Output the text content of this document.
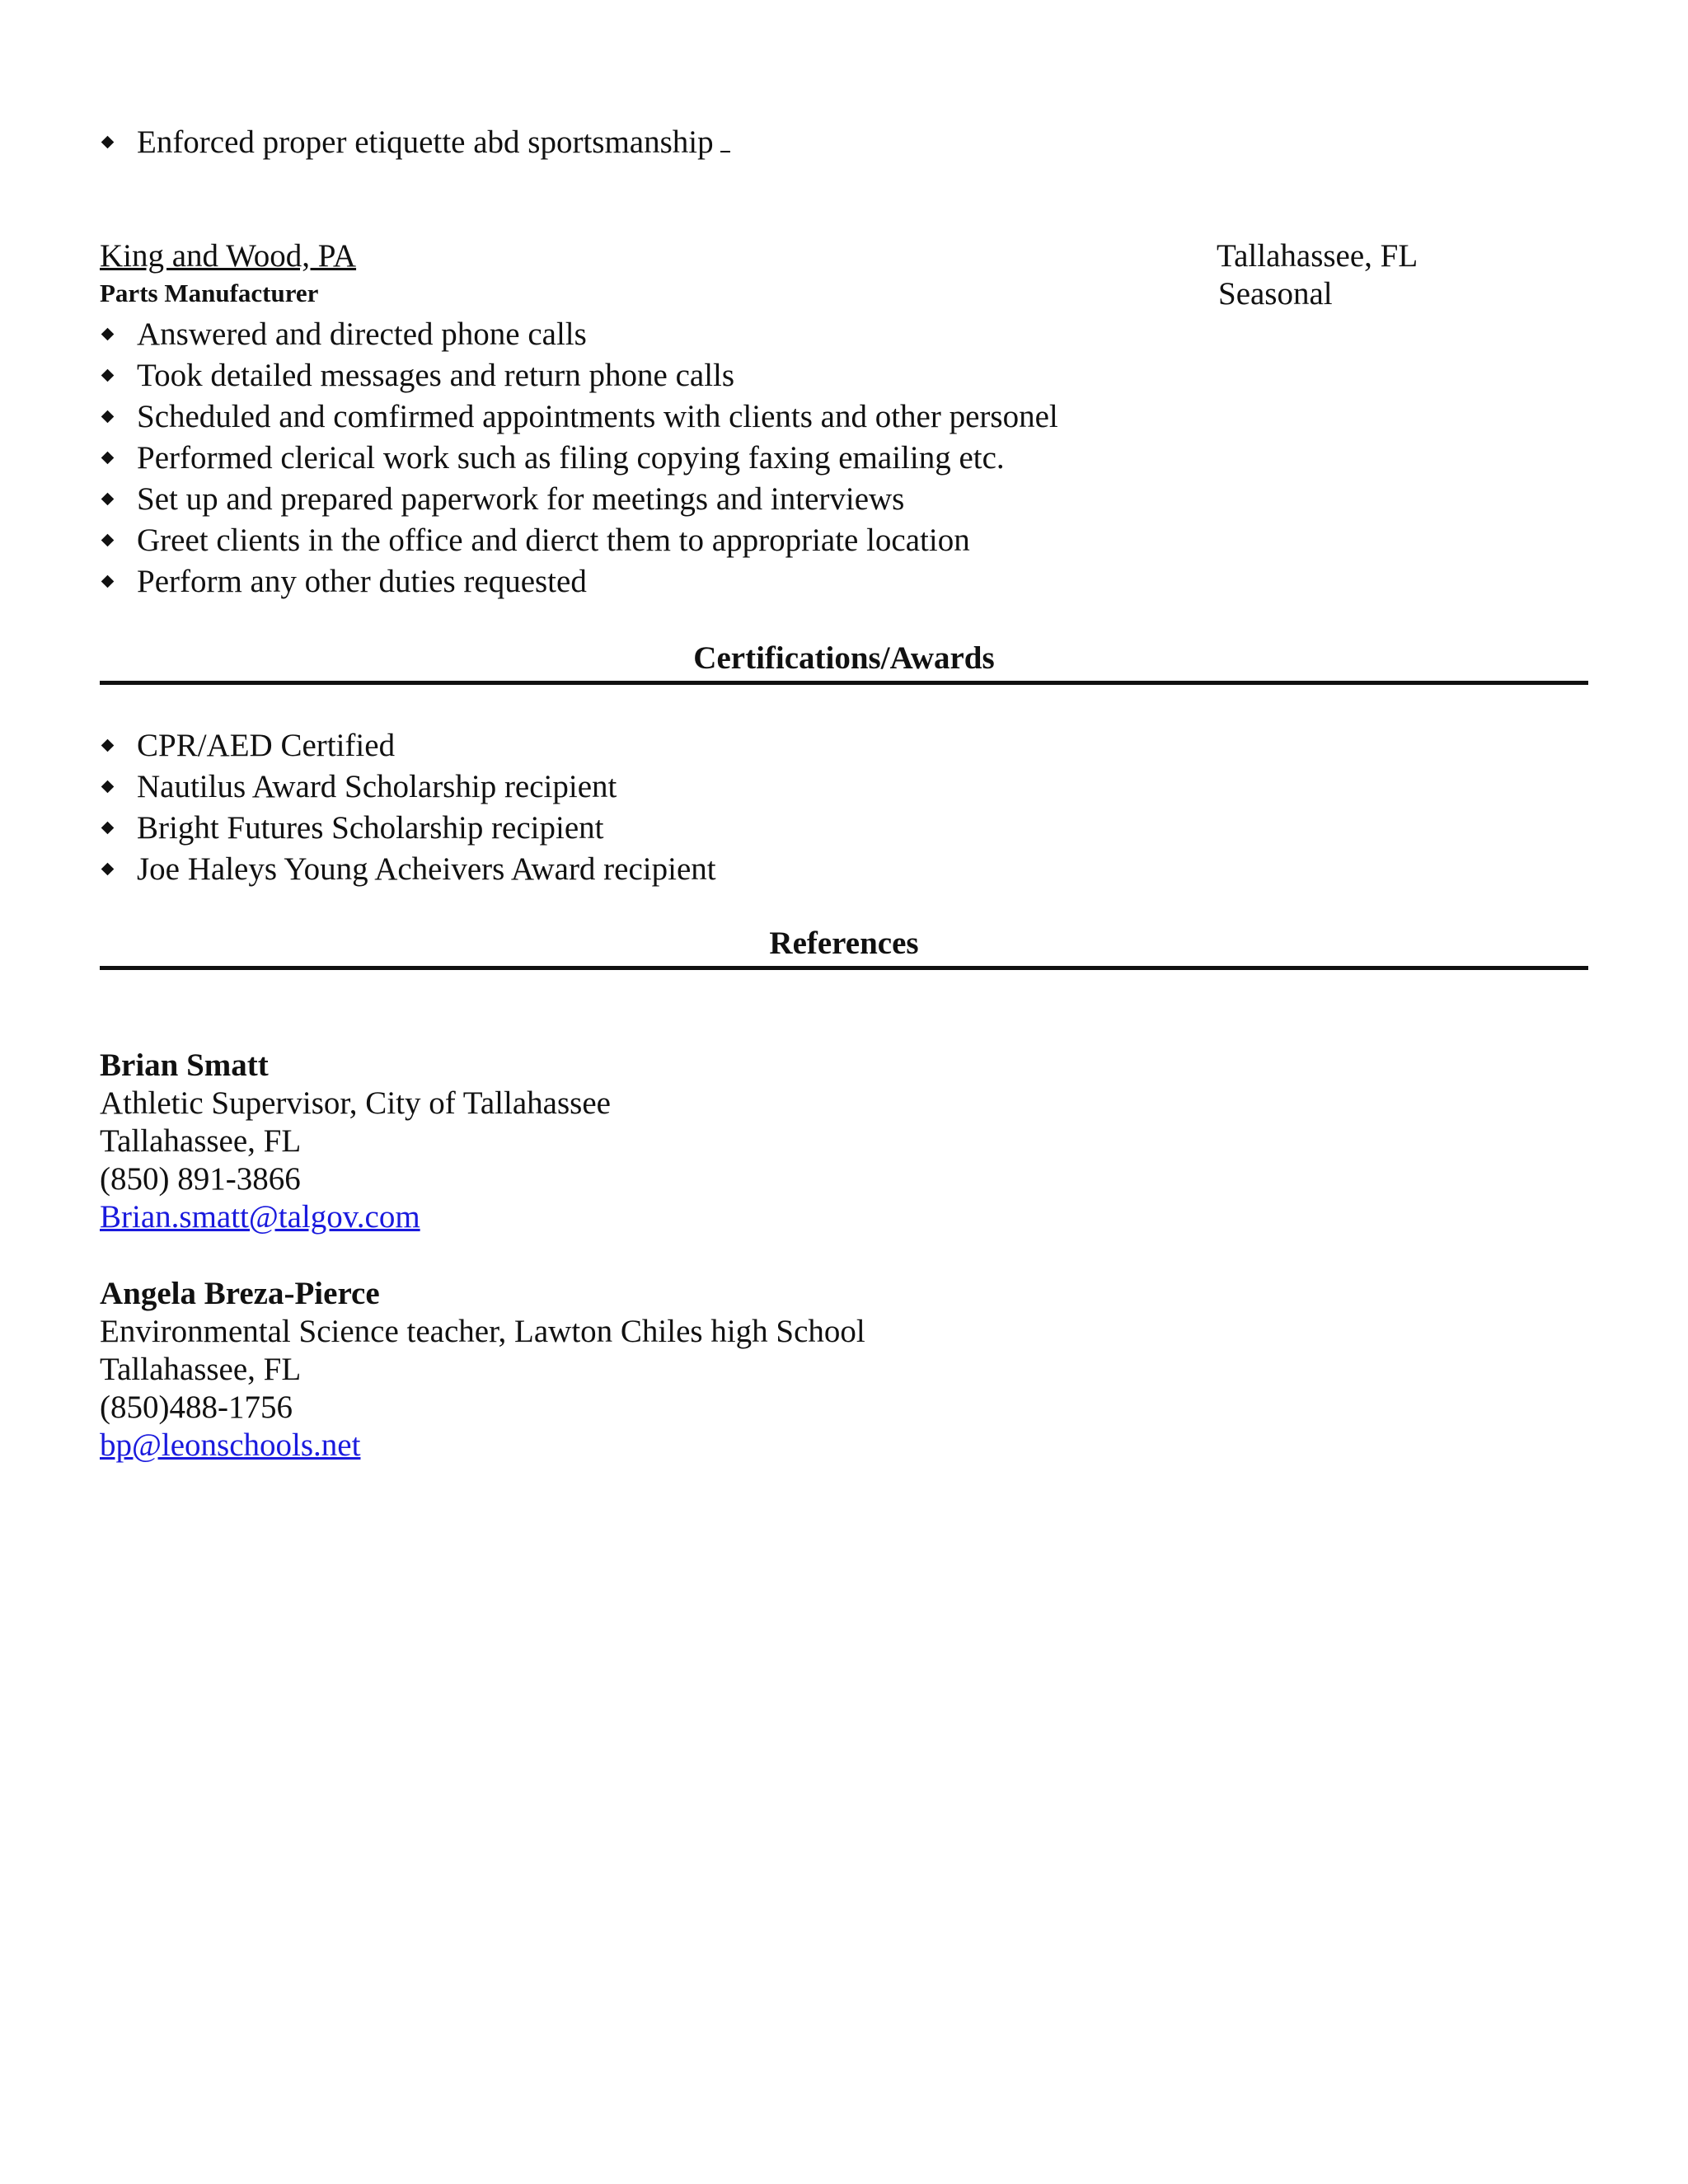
Enforced proper etiquette abd sportsmanship
King and Wood, PA
Parts Manufacturer
Tallahassee, FL
Seasonal
Answered and directed phone calls
Took detailed messages and return phone calls
Scheduled and comfirmed appointments with clients and other personel
Performed clerical work such as filing copying faxing emailing etc.
Set up and prepared paperwork for meetings and interviews
Greet clients in the office and dierct them to appropriate location
Perform any other duties requested
Certifications/Awards
CPR/AED Certified
Nautilus Award Scholarship recipient
Bright Futures Scholarship recipient
Joe Haleys Young Acheivers Award recipient
References
Brian Smatt
Athletic Supervisor, City of Tallahassee
Tallahassee, FL
(850) 891-3866
Brian.smatt@talgov.com
Angela Breza-Pierce
Environmental Science teacher, Lawton Chiles high School
Tallahassee, FL
(850)488-1756
bp@leonschools.net
